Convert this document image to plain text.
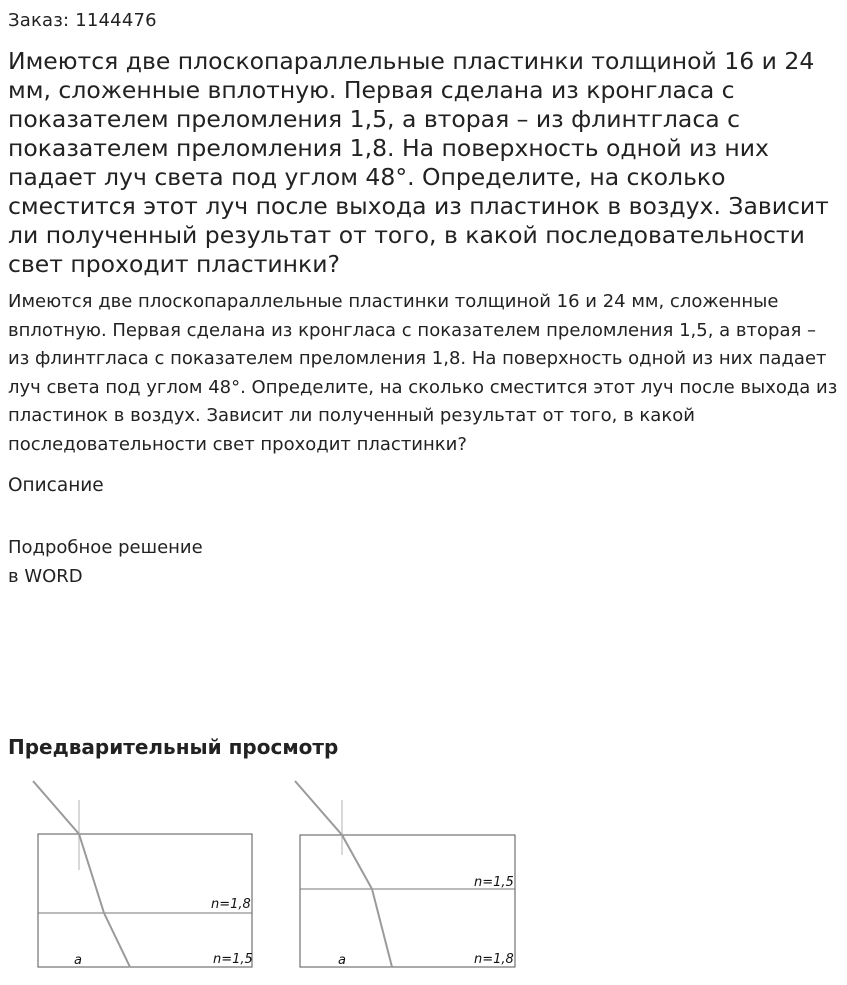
Заказ: 1144476
Имеются две плоскопараллельные пластинки толщиной 16 и 24 мм, сложенные вплотную. Первая сделана из кронгласа с показателем преломления 1,5, а вторая – из флинтгласа с показателем преломления 1,8. На поверхность одной из них падает луч света под углом 48°. Определите, на сколько сместится этот луч после выхода из пластинок в воздух. Зависит ли полученный результат от того, в какой последовательности свет проходит пластинки?

Имеются две плоскопараллельные пластинки толщиной 16 и 24 мм, сложенные вплотную. Первая сделана из кронгласа с показателем преломления 1,5, а вторая – из флинтгласа с показателем преломления 1,8. На поверхность одной из них падает луч света под углом 48°. Определите, на сколько сместится этот луч после выхода из пластинок в воздух. Зависит ли полученный результат от того, в какой последовательности свет проходит пластинки?

Описание
Подробное решение
в WORD
Предварительный просмотр
n=1,8
n=1,5
a
n=1,5
n=1,8
a
